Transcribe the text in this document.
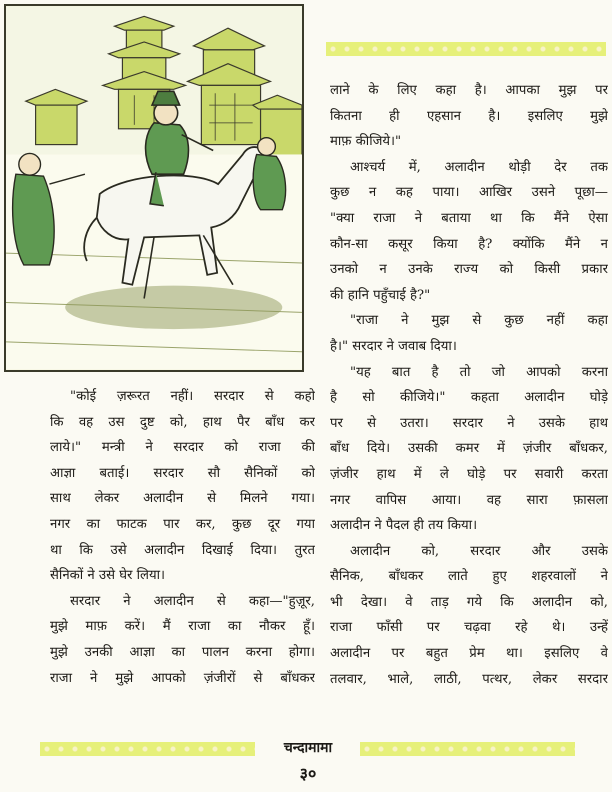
लाने के लिए कहा है। आपका मुझ पर
कितना ही एहसान है। इसलिए मुझे
माफ़ कीजिये।"
आश्चर्य में, अलादीन थोड़ी देर तक
कुछ न कह पाया। आखिर उसने पूछा—
"क्या राजा ने बताया था कि मैंने ऐसा
कौन-सा कसूर किया है? क्योंकि मैंने न
उनको न उनके राज्य को किसी प्रकार
की हानि पहुँचाई है?"
"राजा ने मुझ से कुछ नहीं कहा
है।" सरदार ने जवाब दिया।
"यह बात है तो जो आपको करना
है सो कीजिये।" कहता अलादीन घोड़े
पर से उतरा। सरदार ने उसके हाथ
बाँध दिये। उसकी कमर में ज़ंजीर बाँधकर,
ज़ंजीर हाथ में ले घोड़े पर सवारी करता
नगर वापिस आया। वह सारा फ़ासला
अलादीन ने पैदल ही तय किया।
अलादीन को, सरदार और उसके
सैनिक, बाँधकर लाते हुए शहरवालों ने
भी देखा। वे ताड़ गये कि अलादीन को,
राजा फाँसी पर चढ़वा रहे थे। उन्हें
अलादीन पर बहुत प्रेम था। इसलिए वे
तलवार, भाले, लाठी, पत्थर, लेकर सरदार
"कोई ज़रूरत नहीं। सरदार से कहो
कि वह उस दुष्ट को, हाथ पैर बाँध कर
लाये।" मन्त्री ने सरदार को राजा की
आज्ञा बताई। सरदार सौ सैनिकों को
साथ लेकर अलादीन से मिलने गया।
नगर का फाटक पार कर, कुछ दूर गया
था कि उसे अलादीन दिखाई दिया। तुरत
सैनिकों ने उसे घेर लिया।
सरदार ने अलादीन से कहा—"हुज़ूर,
मुझे माफ़ करें। मैं राजा का नौकर हूँ।
मुझे उनकी आज्ञा का पालन करना होगा।
राजा ने मुझे आपको ज़ंजीरों से बाँधकर
चन्दामामा
३०
